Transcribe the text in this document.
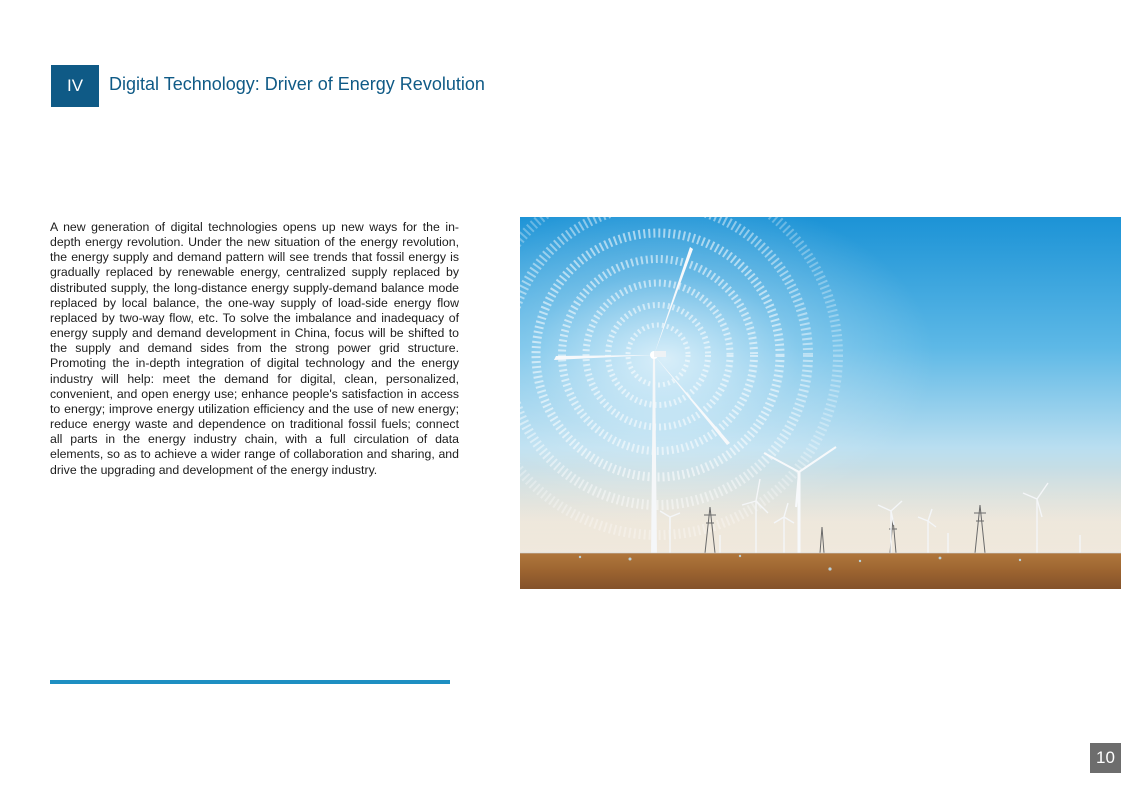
IV	Digital Technology: Driver of Energy Revolution

A new generation of digital technologies opens up new ways for the in-depth energy revolution. Under the new situation of the energy revolution, the energy supply and demand pattern will see trends that fossil energy is gradually replaced by renewable energy, centralized supply replaced by distributed supply, the long-distance energy supply-demand balance mode replaced by local balance, the one-way supply of load-side energy flow replaced by two-way flow, etc. To solve the imbalance and inadequacy of energy supply and demand development in China, focus will be shifted to the supply and demand sides from the strong power grid structure. Promoting the in-depth integration of digital technology and the energy industry will help: meet the demand for digital, clean, personalized, convenient, and open energy use; enhance people's satisfaction in access to energy; improve energy utilization efficiency and the use of new energy; reduce energy waste and dependence on traditional fossil fuels; connect all parts in the energy industry chain, with a full circulation of data elements, so as to achieve a wider range of collaboration and sharing, and drive the upgrading and development of the energy industry.

10
